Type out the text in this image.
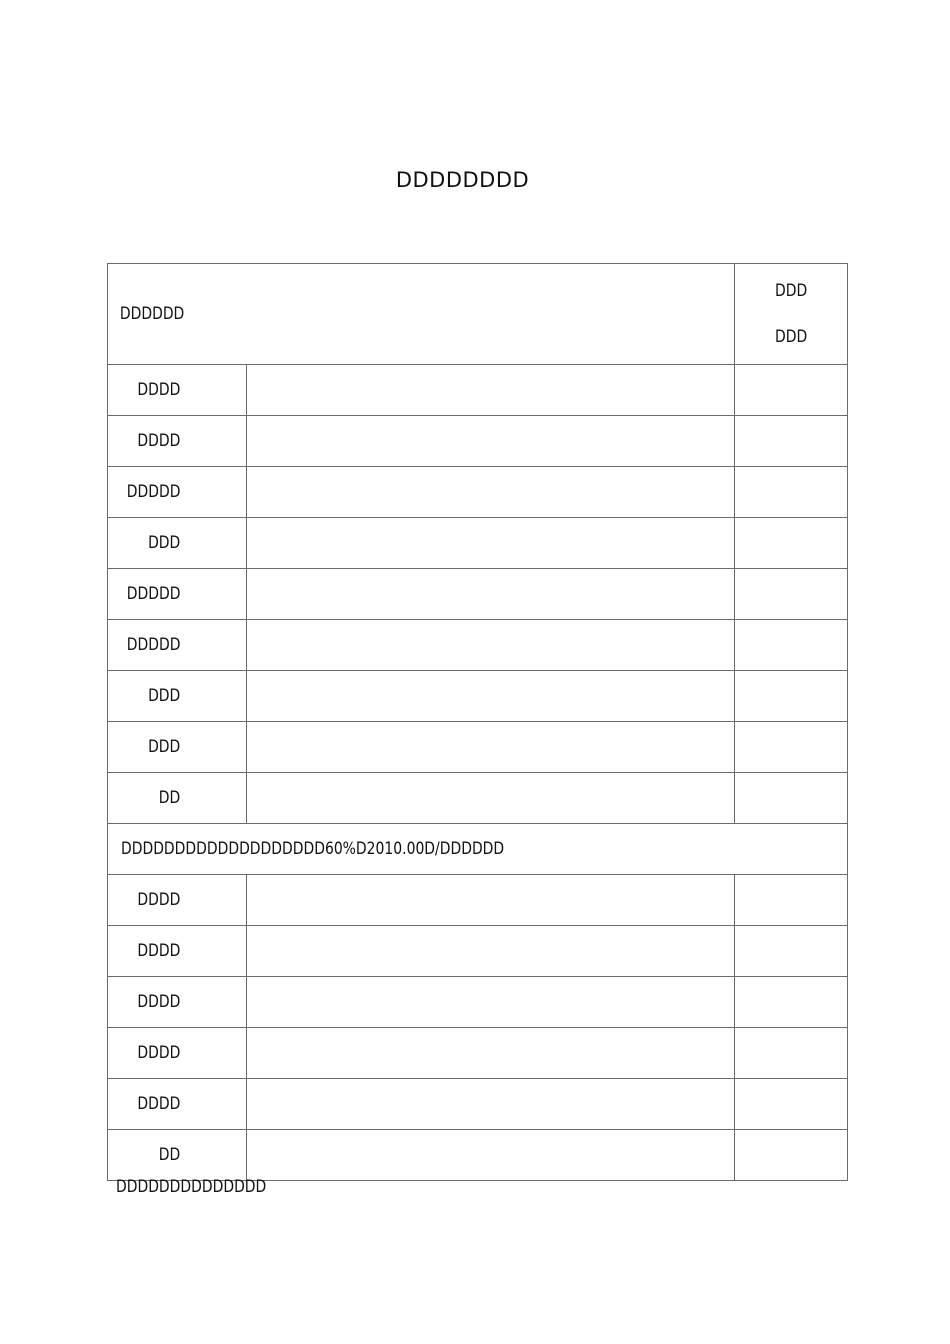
DDDDDDDD
DDDDDD		DDD
DDD

DDDD		
DDDD		
DDDDD		
DDD		
DDDDD		
DDDDD		
DDD		
DDD		
DD		
DDDDDDDDDDDDDDDDDDD60%D2010.00D/DDDDDD		
DDDD		
DDDD		
DDDD		
DDDD		
DDDD		
DD		
DDDDDDDDDDDDDD
